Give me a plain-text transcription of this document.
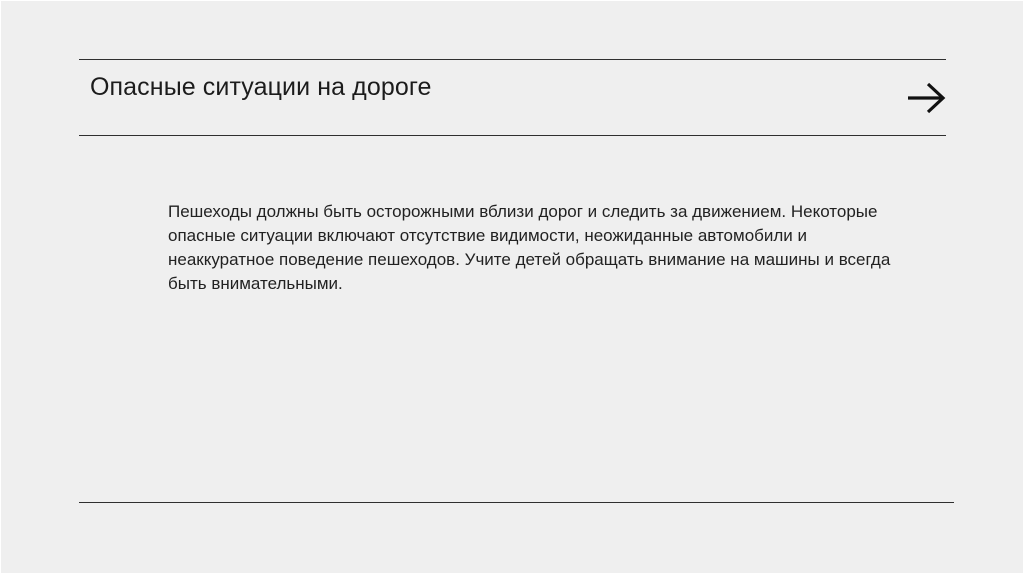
Опасные ситуации на дороге

Пешеходы должны быть осторожными вблизи дорог и следить за движением. Некоторые опасные ситуации включают отсутствие видимости, неожиданные автомобили и неаккуратное поведение пешеходов. Учите детей обращать внимание на машины и всегда быть внимательными.
